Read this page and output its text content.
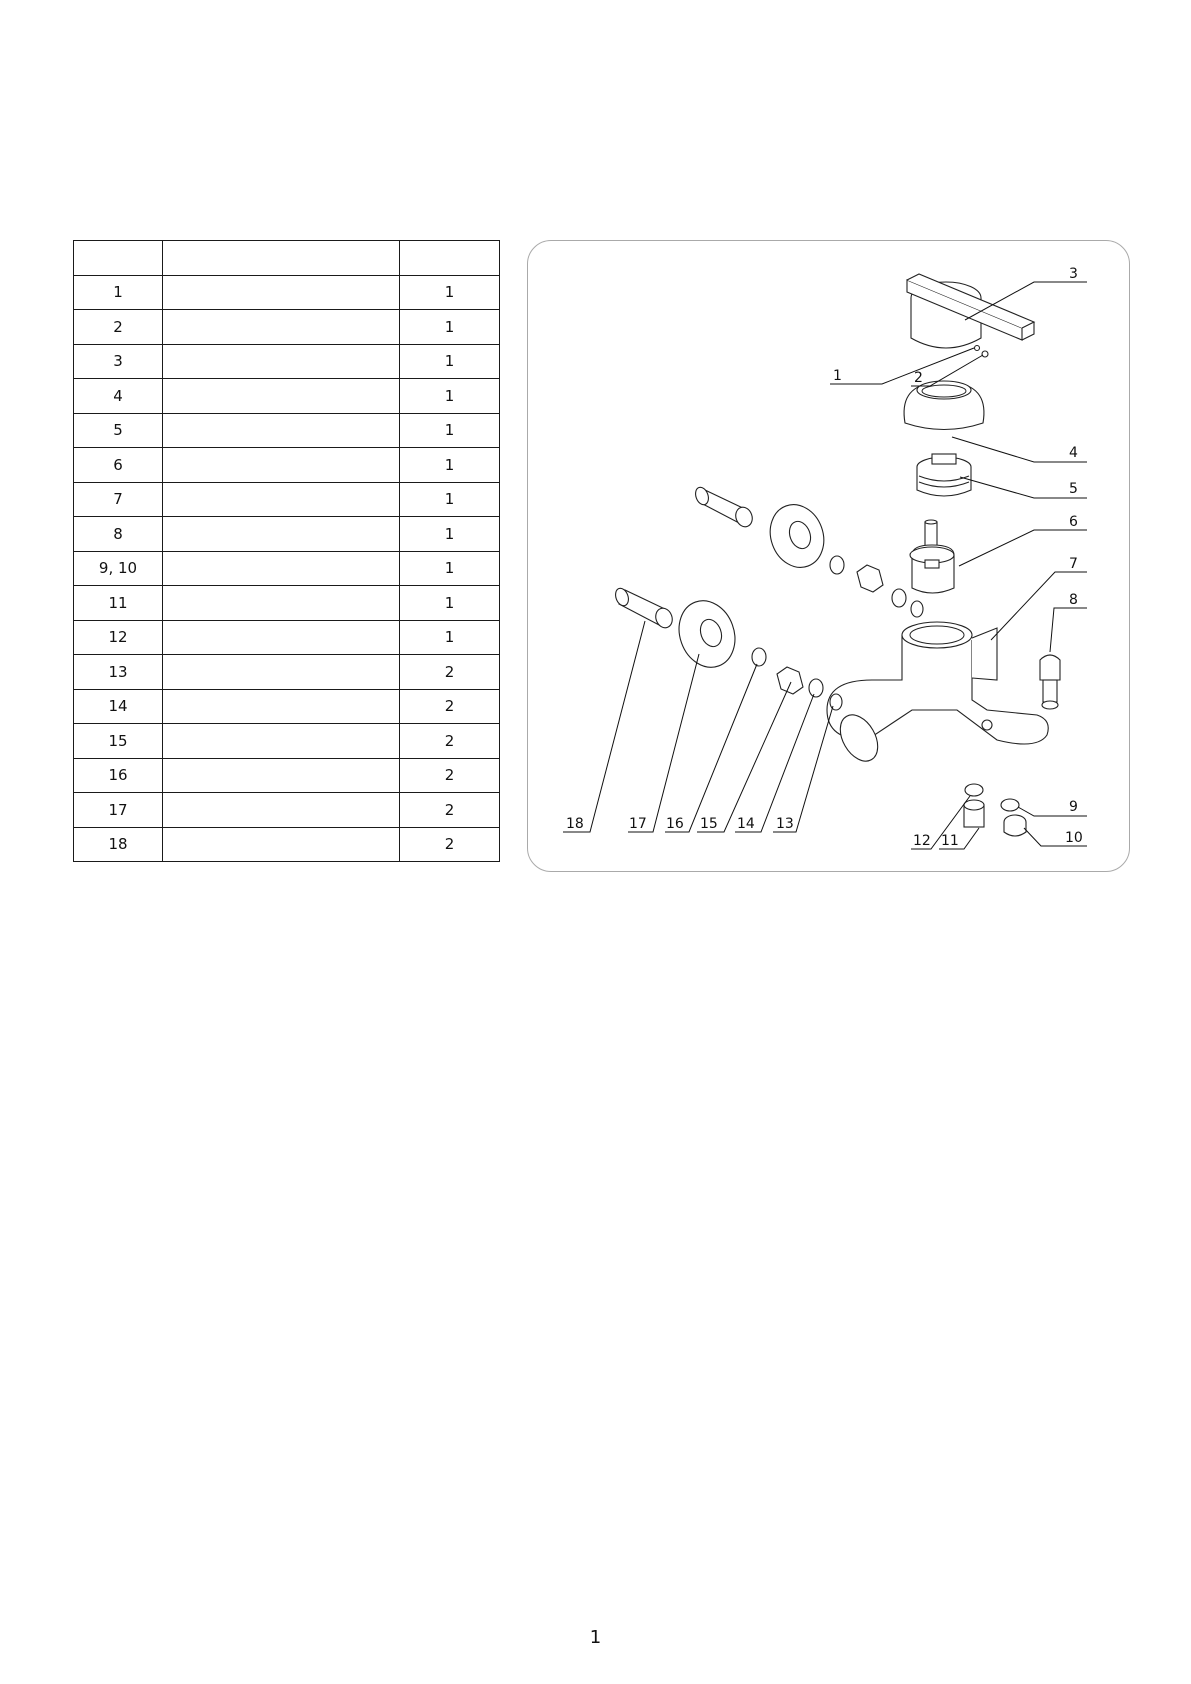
1		1
2		1
3		1
4		1
5		1
6		1
7		1
8		1
9, 10		1
11		1
12		1
13		2
14		2
15		2
16		2
17		2
18		2
3
1	2
4
5
6
7
8
9
10
11
12
13
14
15
16
17
18
1
